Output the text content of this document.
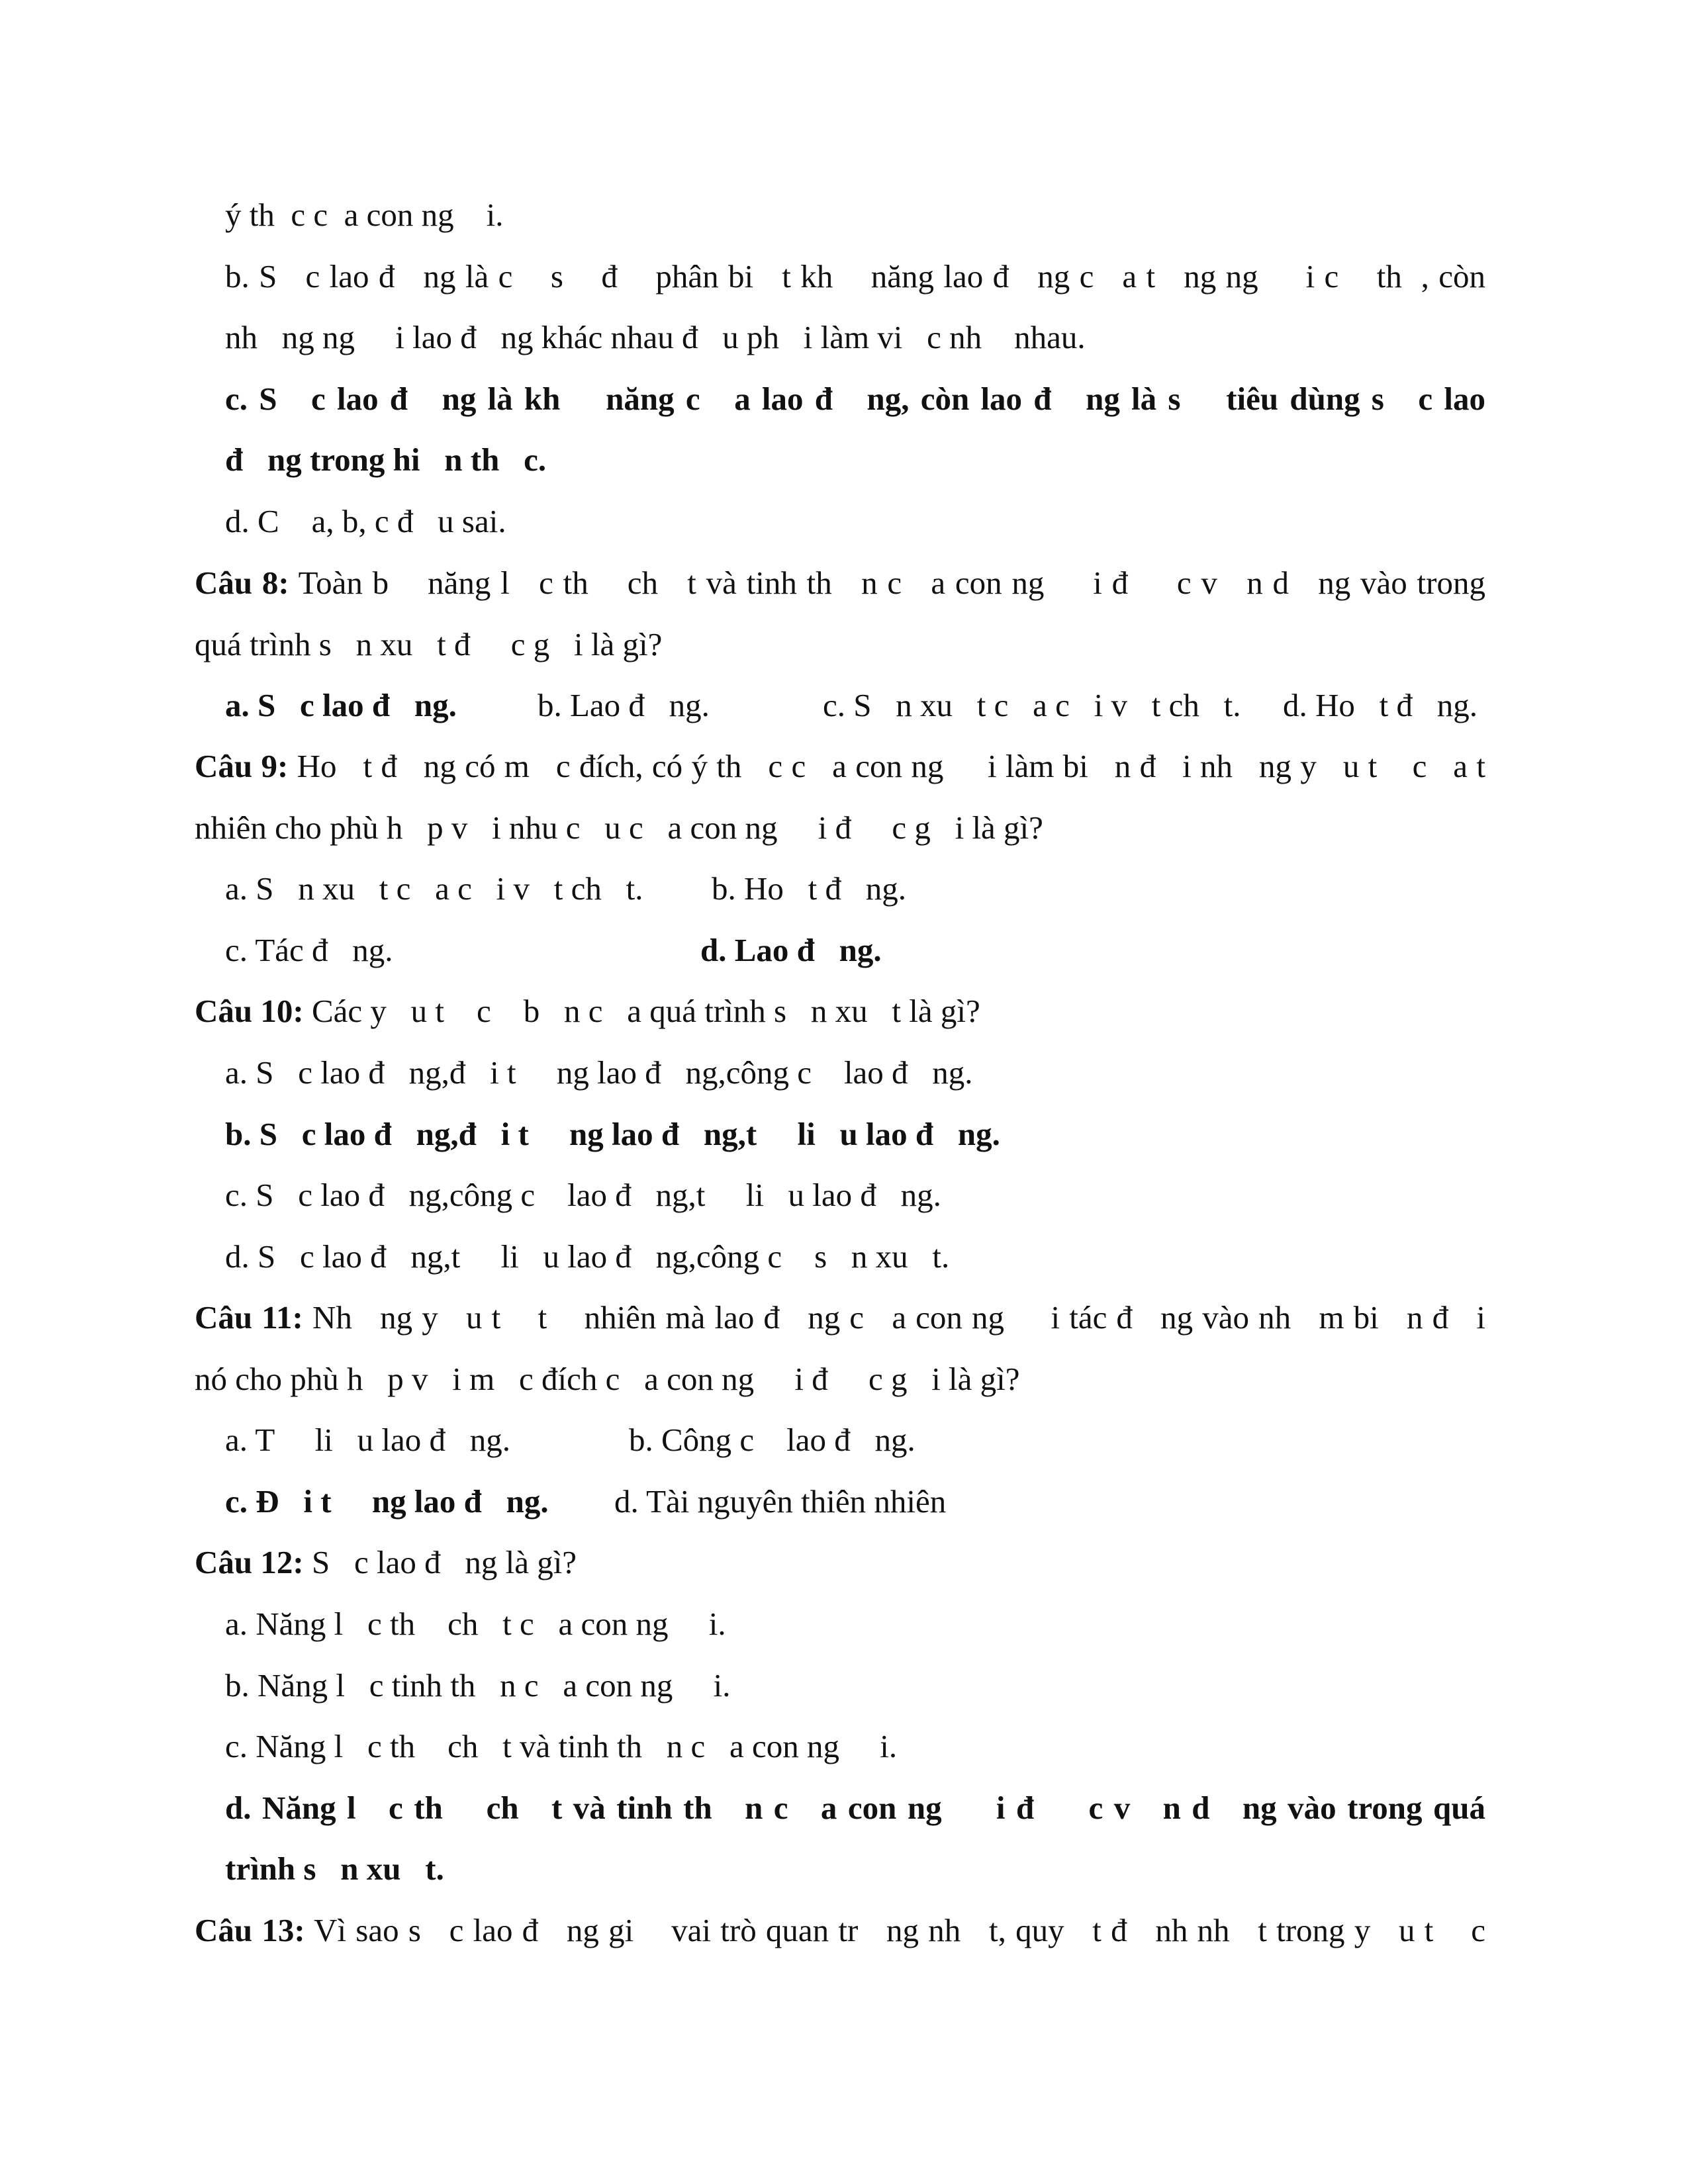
ý th  c c  a con ng    i.

b. S   c lao đ   ng là c    s    đ    phân bi   t kh    năng lao đ   ng c   a t   ng ng     i c    th  , còn

nh   ng ng     i lao đ   ng khác nhau đ   u ph   i làm vi   c nh    nhau.

c. S   c lao đ   ng là kh    năng c   a lao đ   ng, còn lao đ   ng là s    tiêu dùng s   c lao

đ   ng trong hi   n th   c.

d. C    a, b, c đ   u sai.

Câu 8: Toàn b    năng l   c th    ch   t và tinh th   n c   a con ng     i đ     c v   n d   ng vào trong

quá trình s   n xu   t đ     c g   i là gì?

a. S   c lao đ   ng. b. Lao đ   ng.	c. S   n xu   t c   a c   i v   t ch   t. d. Ho   t đ   ng.

Câu 9: Ho   t đ   ng có m   c đích, có ý th   c c   a con ng     i làm bi   n đ   i nh   ng y   u t    c   a t

nhiên cho phù h   p v   i nhu c   u c   a con ng     i đ     c g   i là gì?

a. S   n xu   t c   a c   i v   t ch   t. b. Ho   t đ   ng.
c. Tác đ   ng.	d. Lao đ   ng.

Câu 10: Các y   u t    c    b   n c   a quá trình s   n xu   t là gì?

a. S   c lao đ   ng,đ   i t     ng lao đ   ng,công c    lao đ   ng.

b. S   c lao đ   ng,đ   i t     ng lao đ   ng,t     li   u lao đ   ng.

c. S   c lao đ   ng,công c    lao đ   ng,t     li   u lao đ   ng.

d. S   c lao đ   ng,t     li   u lao đ   ng,công c    s   n xu   t.

Câu 11: Nh   ng y   u t    t    nhiên mà lao đ   ng c   a con ng     i tác đ   ng vào nh   m bi   n đ   i

nó cho phù h   p v   i m   c đích c   a con ng     i đ     c g   i là gì?

a. T     li   u lao đ   ng.	b. Công c    lao đ   ng.
c. Đ   i t     ng lao đ   ng. d. Tài nguyên thiên nhiên

Câu 12: S   c lao đ   ng là gì?

a. Năng l   c th    ch   t c   a con ng     i.

b. Năng l   c tinh th   n c   a con ng     i.

c. Năng l   c th    ch   t và tinh th   n c   a con ng     i.

d. Năng l   c th    ch   t và tinh th   n c   a con ng     i đ     c v   n d   ng vào trong quá

trình s   n xu   t.

Câu 13: Vì sao s   c lao đ   ng gi    vai trò quan tr   ng nh   t, quy   t đ   nh nh   t trong y   u t    c
